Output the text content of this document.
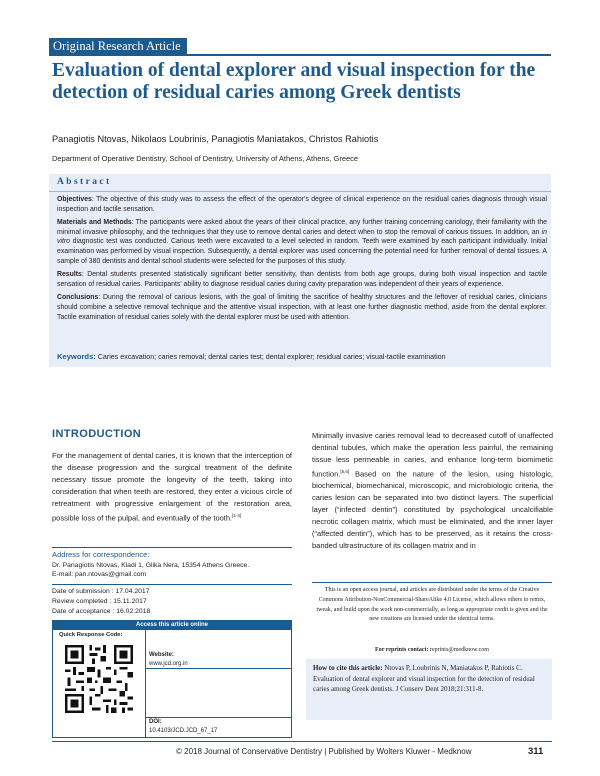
Original Research Article
Evaluation of dental explorer and visual inspection for the detection of residual caries among Greek dentists
Panagiotis Ntovas, Nikolaos Loubrinis, Panagiotis Maniatakos, Christos Rahiotis
Department of Operative Dentistry, School of Dentistry, University of Athens, Athens, Greece
Abstract

Objectives: The objective of this study was to assess the effect of the operator's degree of clinical experience on the residual caries diagnosis through visual inspection and tactile sensation.

Materials and Methods: The participants were asked about the years of their clinical practice, any further training concerning cariology, their familiarity with the minimal invasive philosophy, and the techniques that they use to remove dental caries and detect when to stop the removal of carious tissues. In addition, an in vitro diagnostic test was conducted. Carious teeth were excavated to a level selected in random. Teeth were examined by each participant individually. Initial examination was performed by visual inspection. Subsequently, a dental explorer was used concerning the potential need for further removal of dental tissues. A sample of 380 dentists and dental school students were selected for the purposes of this study.

Results: Dental students presented statistically significant better sensitivity, than dentists from both age groups, during both visual inspection and tactile sensation of residual caries. Participants' ability to diagnose residual caries during cavity preparation was independent of their years of experience.

Conclusions: During the removal of carious lesions, with the goal of limiting the sacrifice of healthy structures and the leftover of residual caries, clinicians should combine a selective removal technique and the attentive visual inspection, with at least one further diagnostic method, aside from the dental explorer. Tactile examination of residual caries solely with the dental explorer must be used with attention.

Keywords: Caries excavation; caries removal; dental caries test; dental explorer; residual caries; visual-tactile examination
INTRODUCTION
For the management of dental caries, it is known that the interception of the disease progression and the surgical treatment of the definite necessary tissue promote the longevity of the teeth, taking into consideration that when teeth are restored, they enter a vicious circle of retreatment with progressive enlargement of the restoration area, possible loss of the pulpal, and eventually of the tooth.[1-4]
Minimally invasive caries removal lead to decreased cutoff of unaffected dentinal tubules, which make the operation less painful, the remaining tissue less permeable in caries, and enhance long-term biomimetic function.[5,6] Based on the nature of the lesion, using histologic, biochemical, biomechanical, microscopic, and microbiologic criteria, the caries lesion can be separated into two distinct layers. The superficial layer (“infected dentin”) constituted by psychological uncalcifiable necrotic collagen matrix, which must be eliminated, and the inner layer (“affected dentin”), which has to be preserved, as it retains the cross-banded ultrastructure of its collagen matrix and in
Address for correspondence:
Dr. Panagiotis Ntovas, Kladi 1, Glika Nera, 15354 Athens Greece.
E-mail: pan.ntovas@gmail.com
Date of submission : 17.04.2017
Review completed : 15.11.2017
Date of acceptance : 16.02.2018
Access this article online
Quick Response Code:
Website:
www.jcd.org.in
DOI:
10.4103/JCD.JCD_67_17
This is an open access journal, and articles are distributed under the terms of the Creative Commons Attribution-NonCommercial-ShareAlike 4.0 License, which allows others to remix, tweak, and build upon the work non-commercially, as long as appropriate credit is given and the new creations are licensed under the identical terms.
For reprints contact: reprints@medknow.com
How to cite this article: Ntovas P, Loubrinis N, Maniatakos P, Rahiotis C. Evaluation of dental explorer and visual inspection for the detection of residual caries among Greek dentists. J Conserv Dent 2018;21:311-8.
© 2018 Journal of Conservative Dentistry | Published by Wolters Kluwer - Medknow	311
